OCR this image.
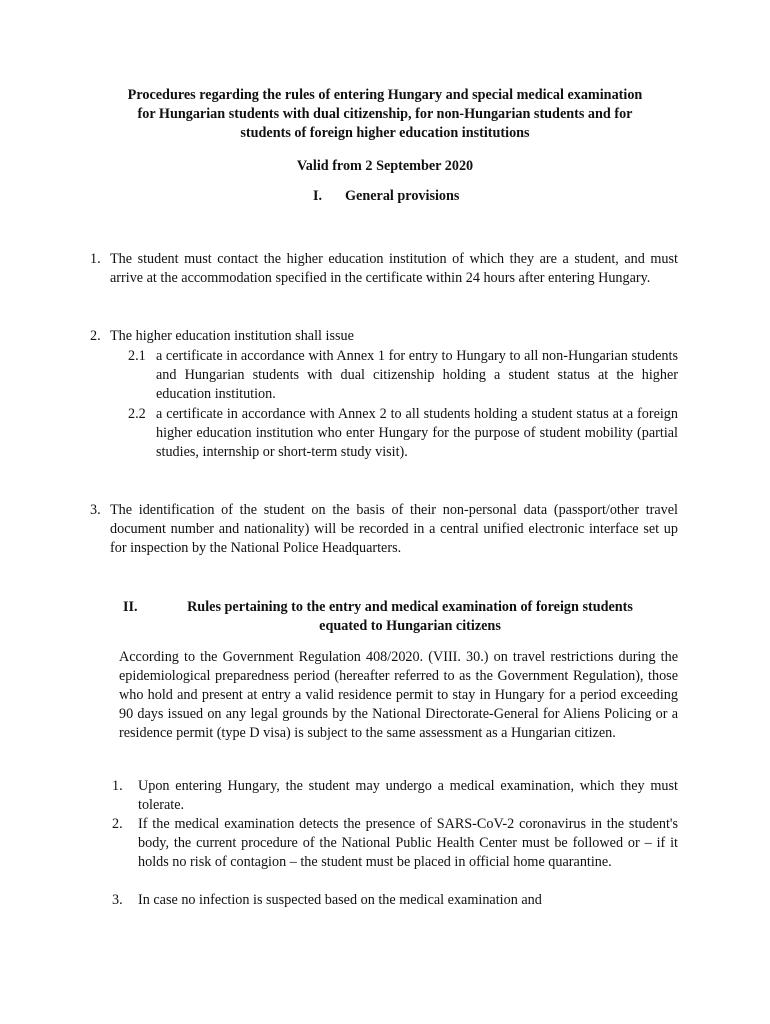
Procedures regarding the rules of entering Hungary and special medical examination
for Hungarian students with dual citizenship, for non-Hungarian students and for
students of foreign higher education institutions
Valid from 2 September 2020
I. General provisions
1. The student must contact the higher education institution of which they are a student, and must arrive at the accommodation specified in the certificate within 24 hours after entering Hungary.
2. The higher education institution shall issue
2.1 a certificate in accordance with Annex 1 for entry to Hungary to all non-Hungarian students and Hungarian students with dual citizenship holding a student status at the higher education institution.
2.2 a certificate in accordance with Annex 2 to all students holding a student status at a foreign higher education institution who enter Hungary for the purpose of student mobility (partial studies, internship or short-term study visit).
3. The identification of the student on the basis of their non-personal data (passport/other travel document number and nationality) will be recorded in a central unified electronic interface set up for inspection by the National Police Headquarters.
II.	Rules pertaining to the entry and medical examination of foreign students
equated to Hungarian citizens
According to the Government Regulation 408/2020. (VIII. 30.) on travel restrictions during the epidemiological preparedness period (hereafter referred to as the Government Regulation), those who hold and present at entry a valid residence permit to stay in Hungary for a period exceeding 90 days issued on any legal grounds by the National Directorate-General for Aliens Policing or a residence permit (type D visa) is subject to the same assessment as a Hungarian citizen.
1. Upon entering Hungary, the student may undergo a medical examination, which they must tolerate.
2. If the medical examination detects the presence of SARS-CoV-2 coronavirus in the student's body, the current procedure of the National Public Health Center must be followed or – if it holds no risk of contagion – the student must be placed in official home quarantine.
3. In case no infection is suspected based on the medical examination and
